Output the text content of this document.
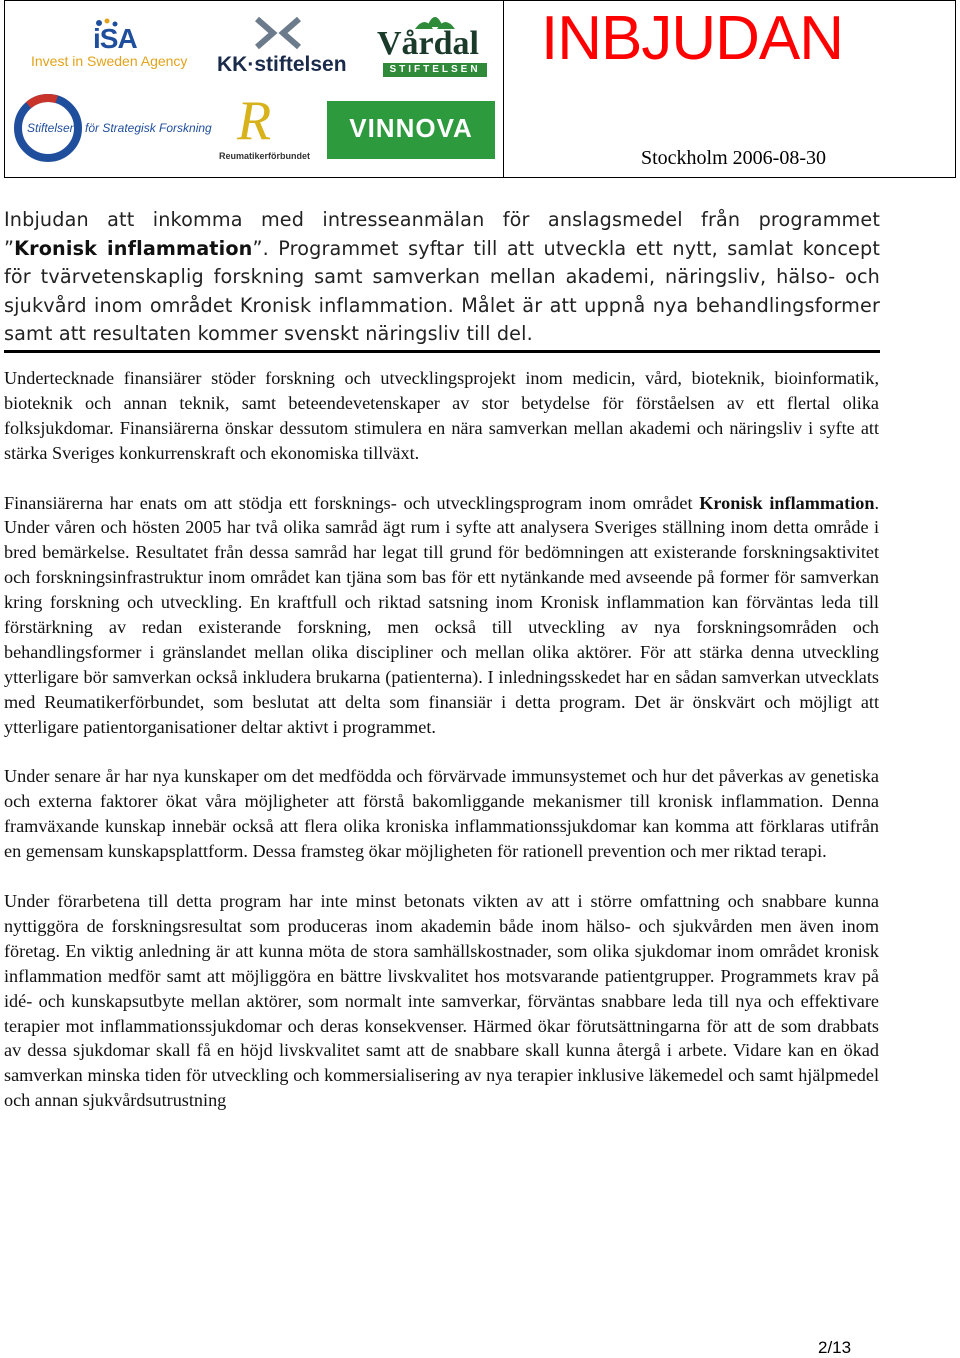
iSA
Invest in Sweden Agency KK·stiftelsen
Vårdal
STIFTELSEN
Stiftelsen för Strategisk Forskning R
Reumatikerförbundet
VINNOVA
INBJUDAN
Stockholm 2006-08-30
Inbjudan att inkomma med intresseanmälan för anslagsmedel från programmet ”Kronisk inflammation”. Programmet syftar till att utveckla ett nytt, samlat koncept för tvärvetenskaplig forskning samt samverkan mellan akademi, näringsliv, hälso- och sjukvård inom området Kronisk inflammation. Målet är att uppnå nya behandlingsformer samt att resultaten kommer svenskt näringsliv till del.

Undertecknade finansiärer stöder forskning och utvecklingsprojekt inom medicin, vård, bioteknik, bioinformatik, bioteknik och annan teknik, samt beteendevetenskaper av stor betydelse för förståelsen av ett flertal olika folksjukdomar. Finansiärerna önskar dessutom stimulera en nära samverkan mellan akademi och näringsliv i syfte att stärka Sveriges konkurrenskraft och ekonomiska tillväxt.

Finansiärerna har enats om att stödja ett forsknings- och utvecklingsprogram inom området Kronisk inflammation. Under våren och hösten 2005 har två olika samråd ägt rum i syfte att analysera Sveriges ställning inom detta område i bred bemärkelse. Resultatet från dessa samråd har legat till grund för bedömningen att existerande forskningsaktivitet och forskningsinfrastruktur inom området kan tjäna som bas för ett nytänkande med avseende på former för samverkan kring forskning och utveckling. En kraftfull och riktad satsning inom Kronisk inflammation kan förväntas leda till förstärkning av redan existerande forskning, men också till utveckling av nya forskningsområden och behandlingsformer i gränslandet mellan olika discipliner och mellan olika aktörer. För att stärka denna utveckling ytterligare bör samverkan också inkludera brukarna (patienterna). I inledningsskedet har en sådan samverkan utvecklats med Reumatikerförbundet, som beslutat att delta som finansiär i detta program. Det är önskvärt och möjligt att ytterligare patientorganisationer deltar aktivt i programmet.

Under senare år har nya kunskaper om det medfödda och förvärvade immunsystemet och hur det påverkas av genetiska och externa faktorer ökat våra möjligheter att förstå bakomliggande mekanismer till kronisk inflammation. Denna framväxande kunskap innebär också att flera olika kroniska inflammationssjukdomar kan komma att förklaras utifrån en gemensam kunskapsplattform. Dessa framsteg ökar möjligheten för rationell prevention och mer riktad terapi.

Under förarbetena till detta program har inte minst betonats vikten av att i större omfattning och snabbare kunna nyttiggöra de forskningsresultat som produceras inom akademin både inom hälso- och sjukvården men även inom företag. En viktig anledning är att kunna möta de stora samhällskostnader, som olika sjukdomar inom området kronisk inflammation medför samt att möjliggöra en bättre livskvalitet hos motsvarande patientgrupper. Programmets krav på idé- och kunskapsutbyte mellan aktörer, som normalt inte samverkar, förväntas snabbare leda till nya och effektivare terapier mot inflammationssjukdomar och deras konsekvenser. Härmed ökar förutsättningarna för att de som drabbats av dessa sjukdomar skall få en höjd livskvalitet samt att de snabbare skall kunna återgå i arbete. Vidare kan en ökad samverkan minska tiden för utveckling och kommersialisering av nya terapier inklusive läkemedel och samt hjälpmedel och annan sjukvårdsutrustning

2/13
